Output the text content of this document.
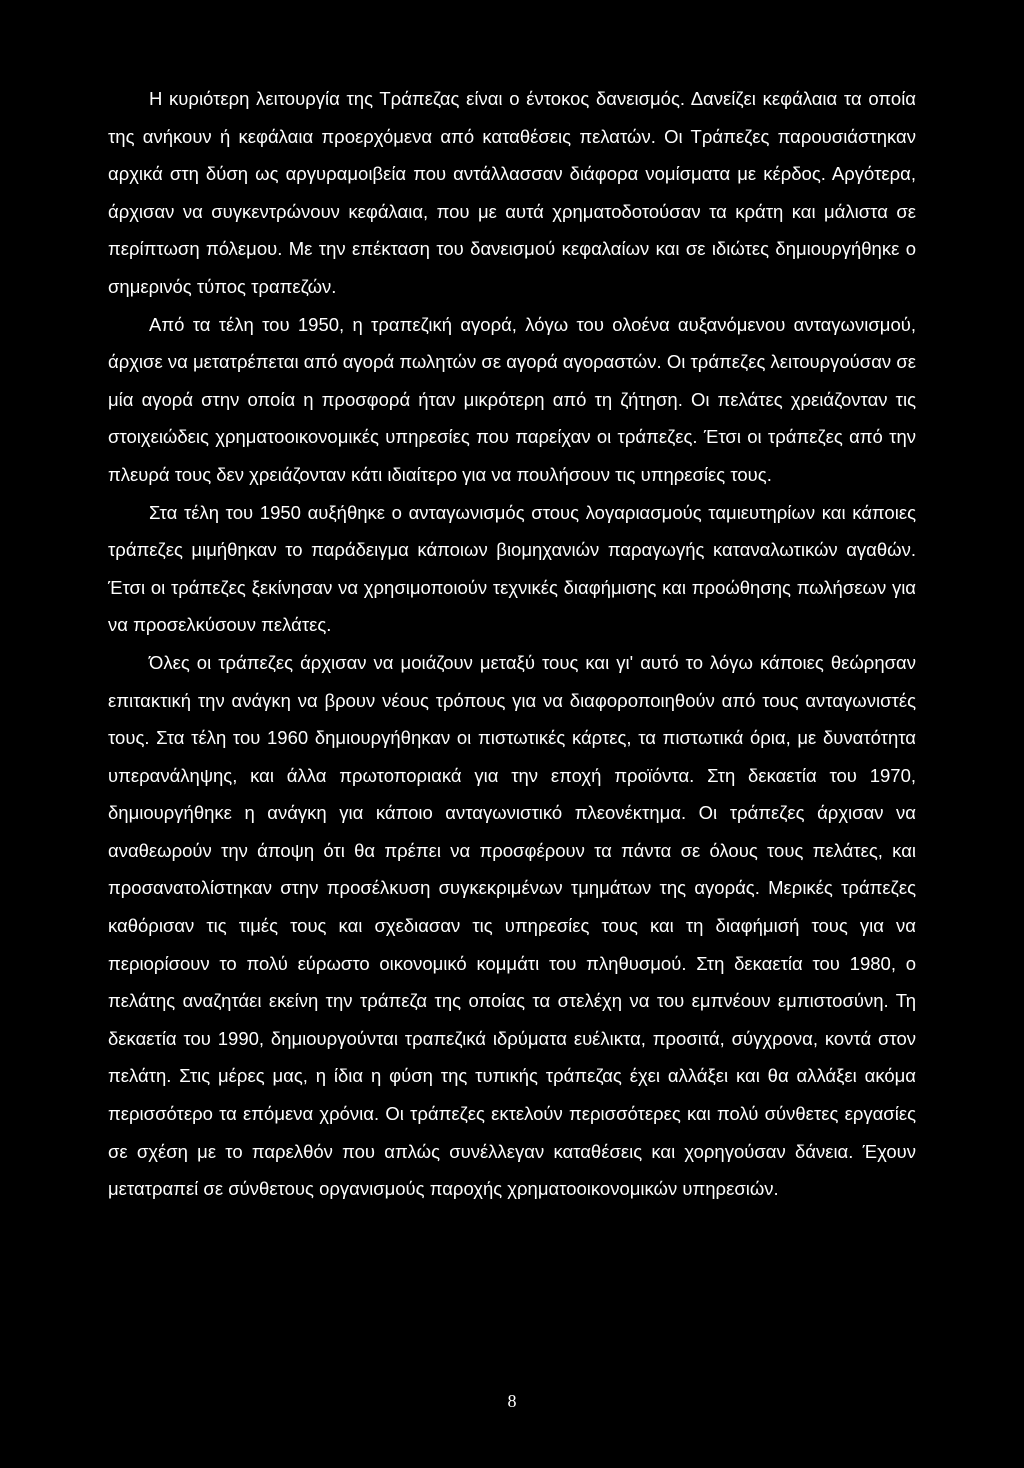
Η κυριότερη λειτουργία της Τράπεζας είναι ο έντοκος δανεισμός. Δανείζει κεφάλαια τα οποία της ανήκουν ή κεφάλαια προερχόμενα από καταθέσεις πελατών. Οι Τράπεζες παρουσιάστηκαν αρχικά στη δύση ως αργυραμοιβεία που αντάλλασσαν διάφορα νομίσματα με κέρδος. Αργότερα, άρχισαν να συγκεντρώνουν κεφάλαια, που με αυτά χρηματοδοτούσαν τα κράτη και μάλιστα σε περίπτωση πόλεμου. Με την επέκταση του δανεισμού κεφαλαίων και σε ιδιώτες δημιουργήθηκε ο σημερινός τύπος τραπεζών.

Από τα τέλη του 1950, η τραπεζική αγορά, λόγω του ολοένα αυξανόμενου ανταγωνισμού, άρχισε να μετατρέπεται από αγορά πωλητών σε αγορά αγοραστών. Οι τράπεζες λειτουργούσαν σε μία αγορά στην οποία η προσφορά ήταν μικρότερη από τη ζήτηση. Οι πελάτες χρειάζονταν τις στοιχειώδεις χρηματοοικονομικές υπηρεσίες που παρείχαν οι τράπεζες. Έτσι οι τράπεζες από την πλευρά τους δεν χρειάζονταν κάτι ιδιαίτερο για να πουλήσουν τις υπηρεσίες τους.

Στα τέλη του 1950 αυξήθηκε ο ανταγωνισμός στους λογαριασμούς ταμιευτηρίων και κάποιες τράπεζες μιμήθηκαν το παράδειγμα κάποιων βιομηχανιών παραγωγής καταναλωτικών αγαθών. Έτσι οι τράπεζες ξεκίνησαν να χρησιμοποιούν τεχνικές διαφήμισης και προώθησης πωλήσεων για να προσελκύσουν πελάτες.

Όλες οι τράπεζες άρχισαν να μοιάζουν μεταξύ τους και γι' αυτό το λόγω κάποιες θεώρησαν επιτακτική την ανάγκη να βρουν νέους τρόπους για να διαφοροποιηθούν από τους ανταγωνιστές τους. Στα τέλη του 1960 δημιουργήθηκαν οι πιστωτικές κάρτες, τα πιστωτικά όρια, με δυνατότητα υπερανάληψης, και άλλα πρωτοποριακά για την εποχή προϊόντα. Στη δεκαετία του 1970, δημιουργήθηκε η ανάγκη για κάποιο ανταγωνιστικό πλεονέκτημα. Οι τράπεζες άρχισαν να αναθεωρούν την άποψη ότι θα πρέπει να προσφέρουν τα πάντα σε όλους τους πελάτες, και προσανατολίστηκαν στην προσέλκυση συγκεκριμένων τμημάτων της αγοράς. Μερικές τράπεζες καθόρισαν τις τιμές τους και σχεδιασαν τις υπηρεσίες τους και τη διαφήμισή τους για να περιορίσουν το πολύ εύρωστο οικονομικό κομμάτι του πληθυσμού. Στη δεκαετία του 1980, ο πελάτης αναζητάει εκείνη την τράπεζα της οποίας τα στελέχη να του εμπνέουν εμπιστοσύνη. Τη δεκαετία του 1990, δημιουργούνται τραπεζικά ιδρύματα ευέλικτα, προσιτά, σύγχρονα, κοντά στον πελάτη. Στις μέρες μας, η ίδια η φύση της τυπικής τράπεζας έχει αλλάξει και θα αλλάξει ακόμα περισσότερο τα επόμενα χρόνια. Οι τράπεζες εκτελούν περισσότερες και πολύ σύνθετες εργασίες σε σχέση με το παρελθόν που απλώς συνέλλεγαν καταθέσεις και χορηγούσαν δάνεια. Έχουν μετατραπεί σε σύνθετους οργανισμούς παροχής χρηματοοικονομικών υπηρεσιών.

8
